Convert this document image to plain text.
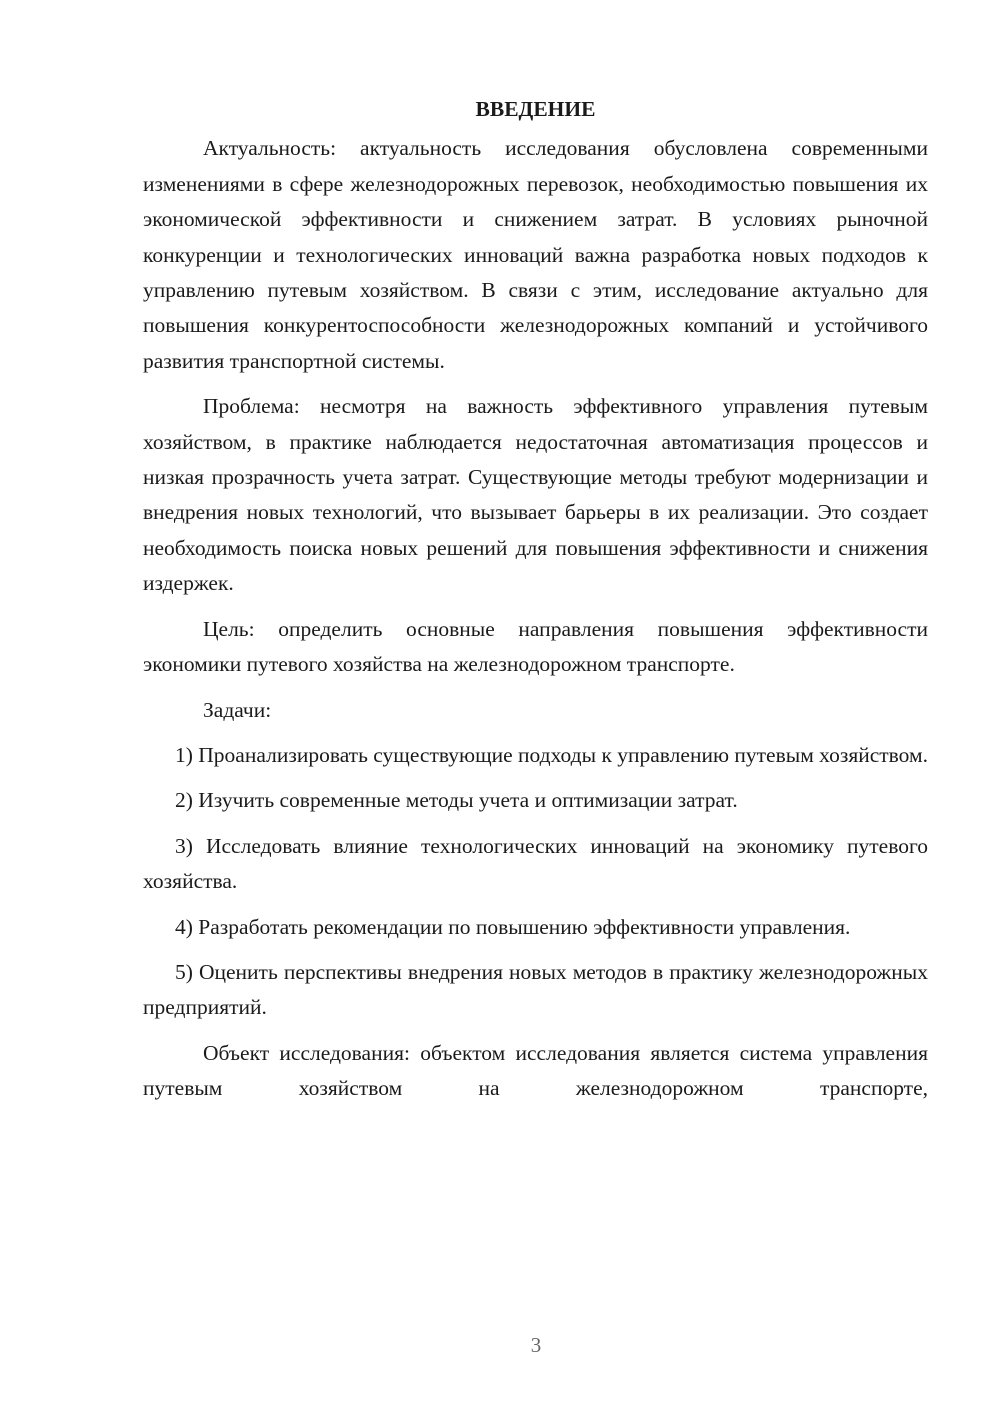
ВВЕДЕНИЕ

Актуальность: актуальность исследования обусловлена современными изменениями в сфере железнодорожных перевозок, необходимостью повышения их экономической эффективности и снижением затрат. В условиях рыночной конкуренции и технологических инноваций важна разработка новых подходов к управлению путевым хозяйством. В связи с этим, исследование актуально для повышения конкурентоспособности железнодорожных компаний и устойчивого развития транспортной системы.

Проблема: несмотря на важность эффективного управления путевым хозяйством, в практике наблюдается недостаточная автоматизация процессов и низкая прозрачность учета затрат. Существующие методы требуют модернизации и внедрения новых технологий, что вызывает барьеры в их реализации. Это создает необходимость поиска новых решений для повышения эффективности и снижения издержек.

Цель: определить основные направления повышения эффективности экономики путевого хозяйства на железнодорожном транспорте.

Задачи:

1) Проанализировать существующие подходы к управлению путевым хозяйством.

2) Изучить современные методы учета и оптимизации затрат.

3) Исследовать влияние технологических инноваций на экономику путевого хозяйства.

4) Разработать рекомендации по повышению эффективности управления.

5) Оценить перспективы внедрения новых методов в практику железнодорожных предприятий.

Объект исследования: объектом исследования является система управления путевым хозяйством на железнодорожном транспорте,

3
